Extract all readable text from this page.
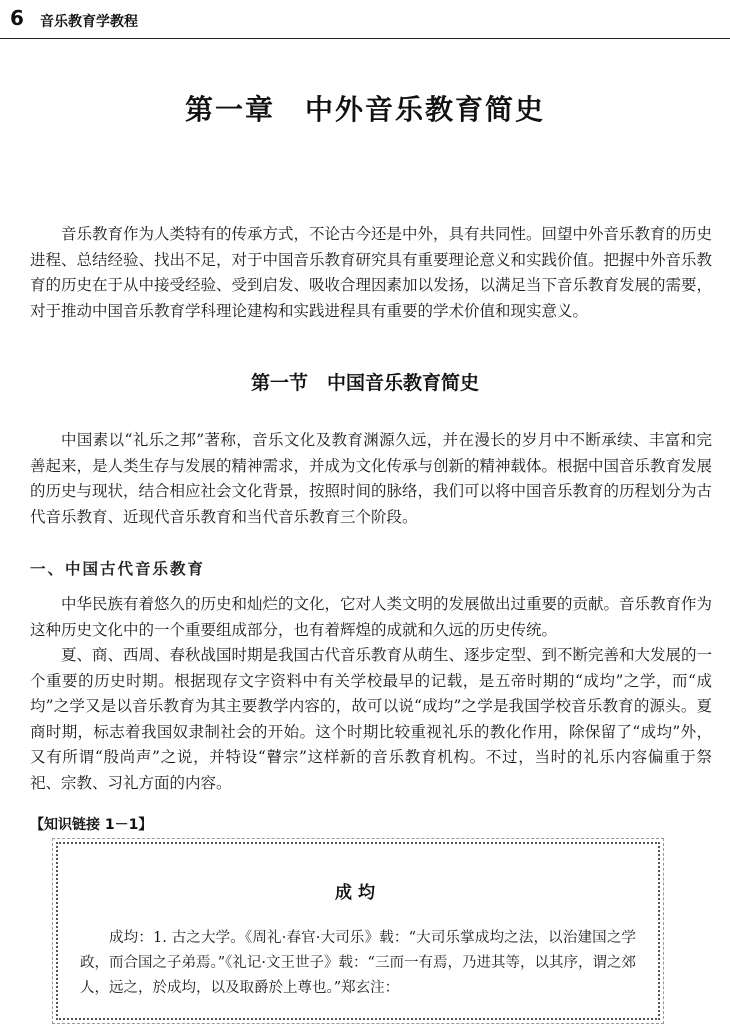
6 音乐教育学教程
第一章　中外音乐教育简史

音乐教育作为人类特有的传承方式，不论古今还是中外，具有共同性。回望中外音乐教育的历史进程、总结经验、找出不足，对于中国音乐教育研究具有重要理论意义和实践价值。把握中外音乐教育的历史在于从中接受经验、受到启发、吸收合理因素加以发扬，以满足当下音乐教育发展的需要，对于推动中国音乐教育学科理论建构和实践进程具有重要的学术价值和现实意义。

第一节　中国音乐教育简史

中国素以“礼乐之邦”著称，音乐文化及教育渊源久远，并在漫长的岁月中不断承续、丰富和完善起来，是人类生存与发展的精神需求，并成为文化传承与创新的精神载体。根据中国音乐教育发展的历史与现状，结合相应社会文化背景，按照时间的脉络，我们可以将中国音乐教育的历程划分为古代音乐教育、近现代音乐教育和当代音乐教育三个阶段。

一、中国古代音乐教育

中华民族有着悠久的历史和灿烂的文化，它对人类文明的发展做出过重要的贡献。音乐教育作为这种历史文化中的一个重要组成部分，也有着辉煌的成就和久远的历史传统。

夏、商、西周、春秋战国时期是我国古代音乐教育从萌生、逐步定型、到不断完善和大发展的一个重要的历史时期。根据现存文字资料中有关学校最早的记载，是五帝时期的“成均”之学，而“成均”之学又是以音乐教育为其主要教学内容的，故可以说“成均”之学是我国学校音乐教育的源头。夏商时期，标志着我国奴隶制社会的开始。这个时期比较重视礼乐的教化作用，除保留了“成均”外，又有所谓“殷尚声”之说，并特设“瞽宗”这样新的音乐教育机构。不过，当时的礼乐内容偏重于祭祀、宗教、习礼方面的内容。

【知识链接 1－1】
成均

成均：1. 古之大学。《周礼·春官·大司乐》载：“大司乐掌成均之法，以治建国之学政，而合国之子弟焉。”《礼记·文王世子》载：“三而一有焉，乃进其等，以其序，谓之郊人，远之，於成均，以及取爵於上尊也。”郑玄注：
